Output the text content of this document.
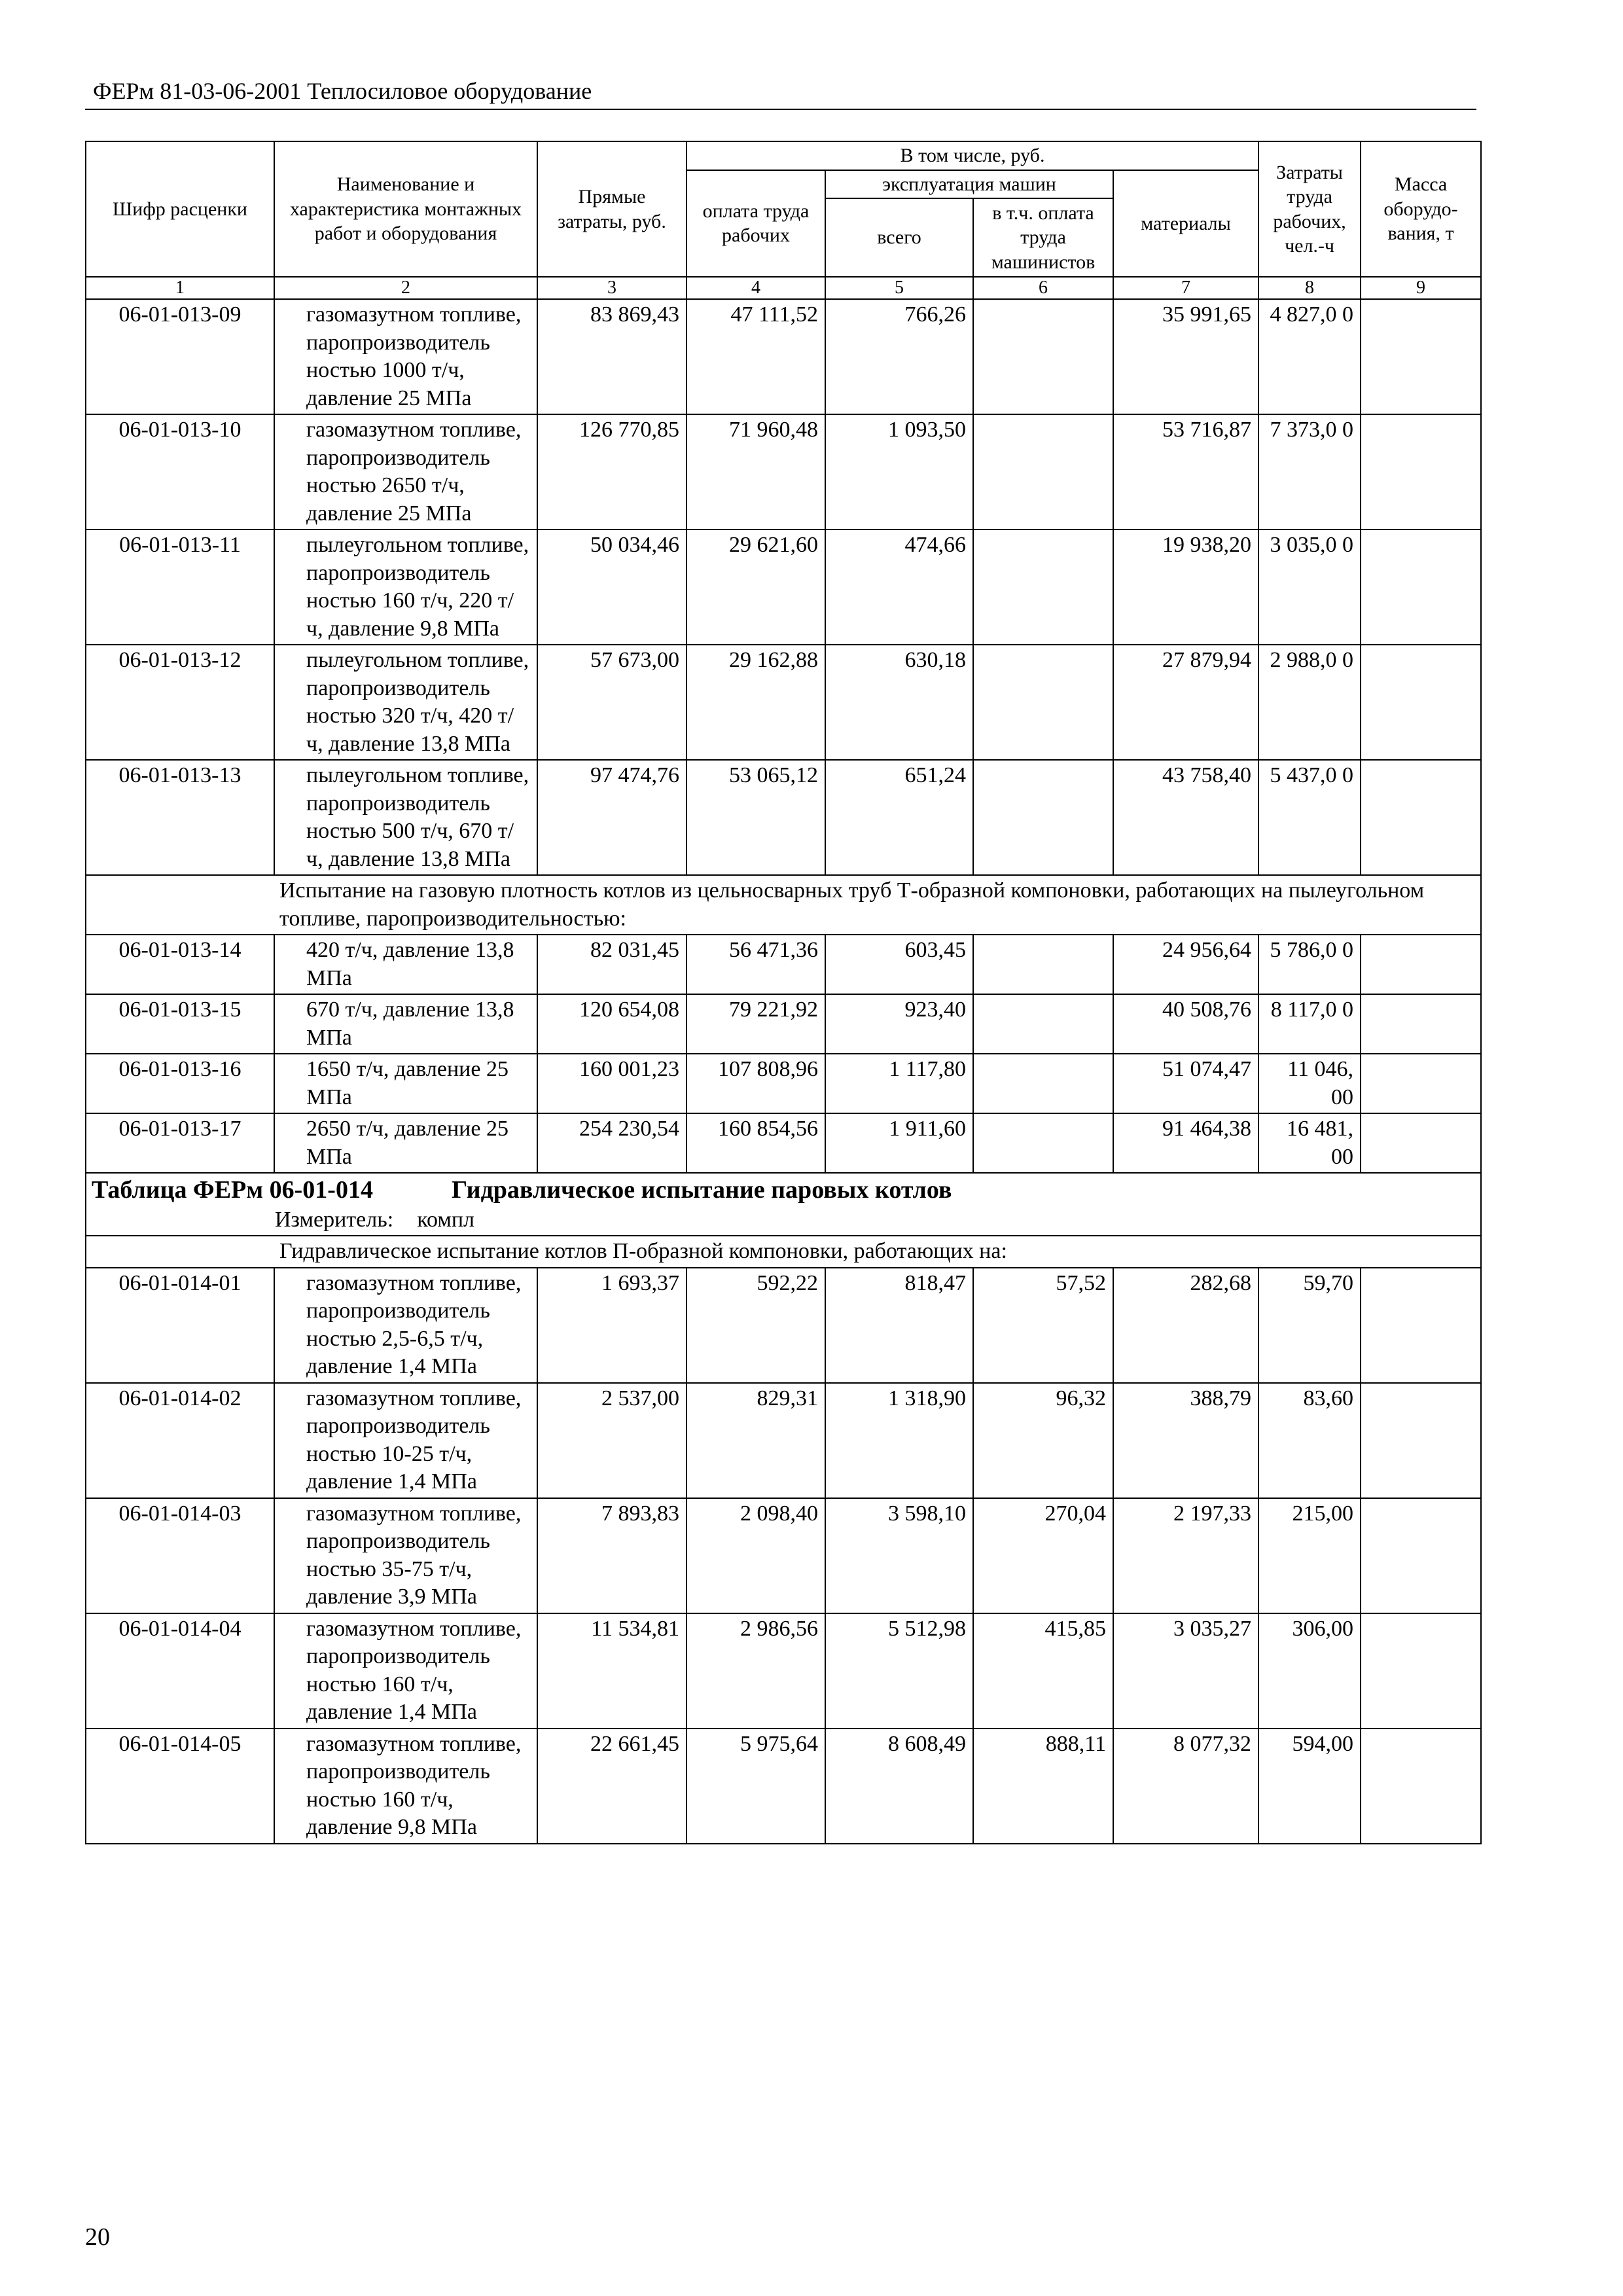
ФЕРм 81-03-06-2001 Теплосиловое оборудование
Шифр расценки	Наименование и характеристика монтажных работ и оборудования	Прямые затраты, руб.	В том числе, руб.				Затраты труда рабочих, чел.-ч	Масса оборудо-вания, т
			оплата труда рабочих	эксплуатация машин		материалы		
				всего	в т.ч. оплата труда машинистов			
1	2	3	4	5	6	7	8	9
06-01-013-09	газомазутном топливе, паропроизводитель ностью 1000 т/ч, давление 25 МПа	83 869,43	47 111,52	766,26		35 991,65	4 827,0 0	
06-01-013-10	газомазутном топливе, паропроизводитель ностью 2650 т/ч, давление 25 МПа	126 770,85	71 960,48	1 093,50		53 716,87	7 373,0 0	
06-01-013-11	пылеугольном топливе, паропроизводитель ностью 160 т/ч, 220 т/ч, давление 9,8 МПа	50 034,46	29 621,60	474,66		19 938,20	3 035,0 0	
06-01-013-12	пылеугольном топливе, паропроизводитель ностью 320 т/ч, 420 т/ч, давление 13,8 МПа	57 673,00	29 162,88	630,18		27 879,94	2 988,0 0	
06-01-013-13	пылеугольном топливе, паропроизводитель ностью 500 т/ч, 670 т/ч, давление 13,8 МПа	97 474,76	53 065,12	651,24		43 758,40	5 437,0 0	
	Испытание на газовую плотность котлов из цельносварных труб Т-образной компоновки, работающих на пылеугольном топливе, паропроизводительностью:							
06-01-013-14	420 т/ч, давление 13,8 МПа	82 031,45	56 471,36	603,45		24 956,64	5 786,0 0	
06-01-013-15	670 т/ч, давление 13,8 МПа	120 654,08	79 221,92	923,40		40 508,76	8 117,0 0	
06-01-013-16	1650 т/ч, давление 25 МПа	160 001,23	107 808,96	1 117,80		51 074,47	11 046, 00	
06-01-013-17	2650 т/ч, давление 25 МПа	254 230,54	160 854,56	1 911,60		91 464,38	16 481, 00	
Таблица ФЕРм 06-01-014 Гидравлическое испытание паровых котлов
Измеритель: компл								

	Гидравлическое испытание котлов П-образной компоновки, работающих на:							
06-01-014-01	газомазутном топливе, паропроизводитель ностью 2,5-6,5 т/ч, давление 1,4 МПа	1 693,37	592,22	818,47	57,52	282,68	59,70	
06-01-014-02	газомазутном топливе, паропроизводитель ностью 10-25 т/ч, давление 1,4 МПа	2 537,00	829,31	1 318,90	96,32	388,79	83,60	
06-01-014-03	газомазутном топливе, паропроизводитель ностью 35-75 т/ч, давление 3,9 МПа	7 893,83	2 098,40	3 598,10	270,04	2 197,33	215,00	
06-01-014-04	газомазутном топливе, паропроизводитель ностью 160 т/ч, давление 1,4 МПа	11 534,81	2 986,56	5 512,98	415,85	3 035,27	306,00	
06-01-014-05	газомазутном топливе, паропроизводитель ностью 160 т/ч, давление 9,8 МПа	22 661,45	5 975,64	8 608,49	888,11	8 077,32	594,00	
20
